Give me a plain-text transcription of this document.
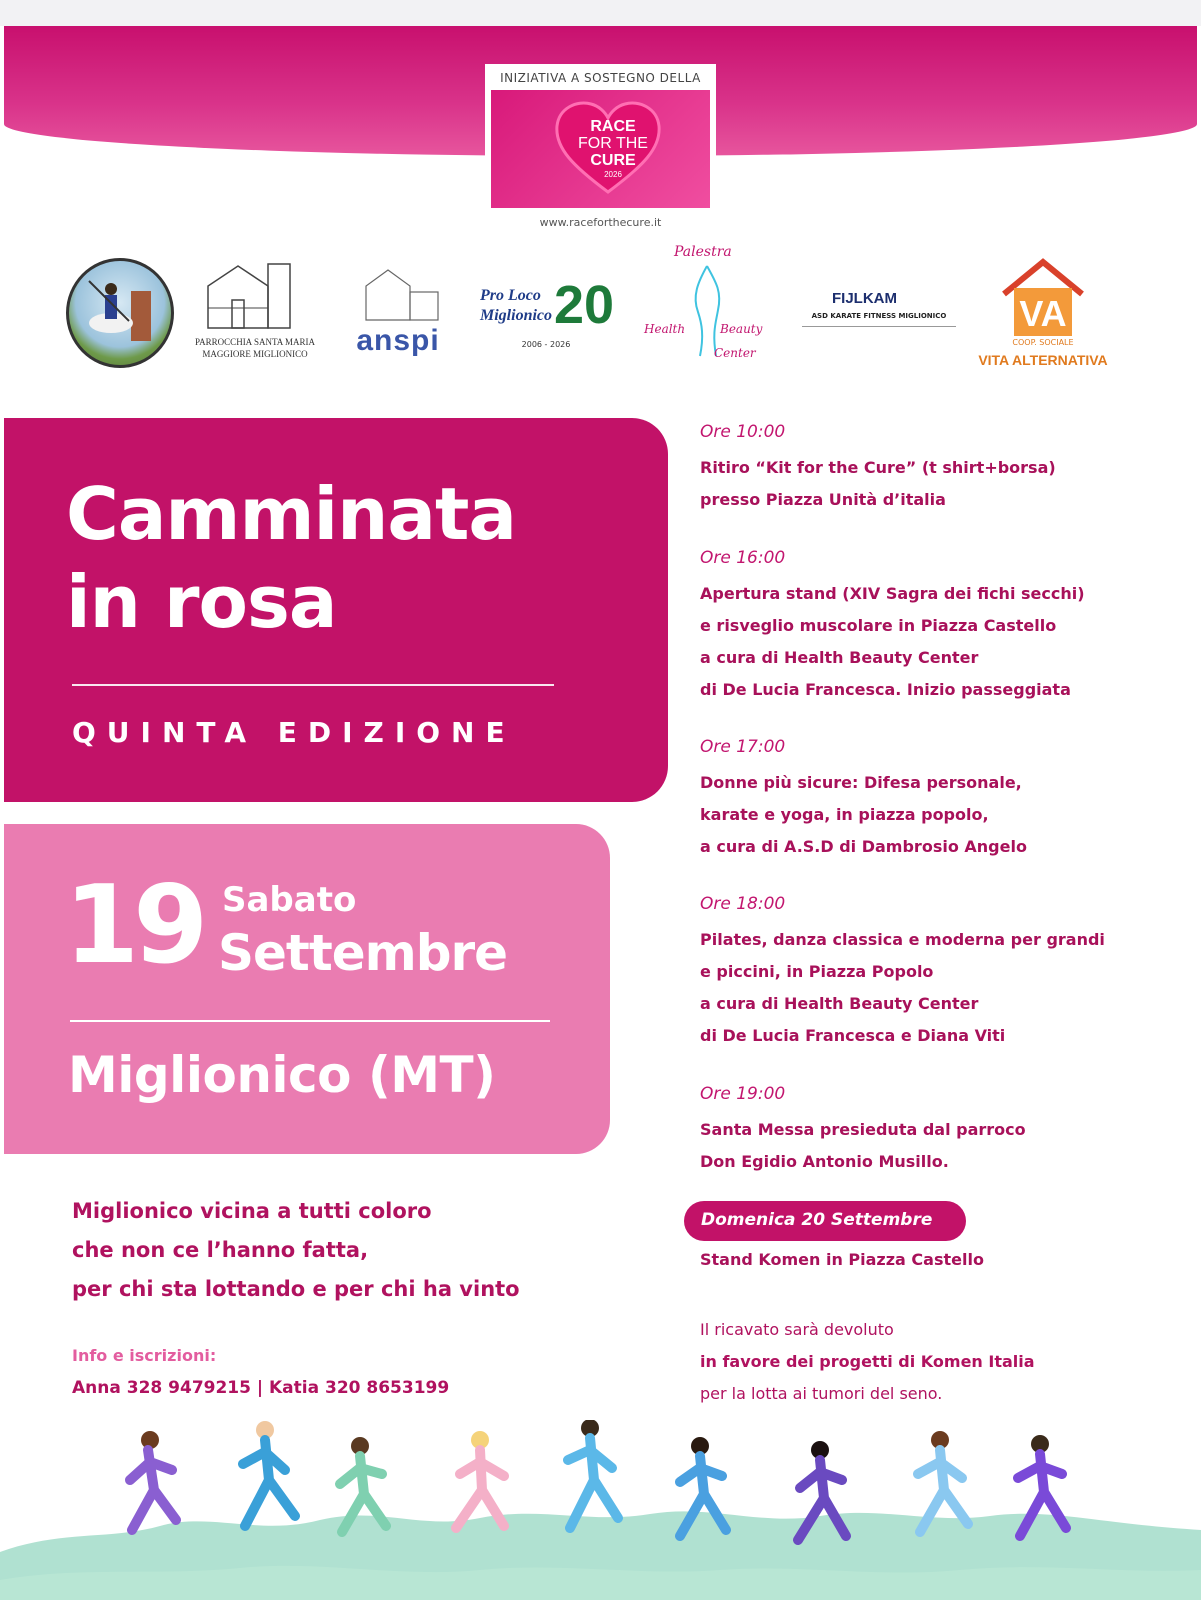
INIZIATIVA A SOSTEGNO DELLA
RACE
FOR THE
CURE
2026
www.raceforthecure.it
PARROCCHIA SANTA MARIA MAGGIORE MIGLIONICO	anspi
Pro Loco
Miglionico 20
2006 - 2026
Palestra
Health	Beauty
Center
FIJLKAM
ASD KARATE FITNESS MIGLIONICO	VA
COOP. SOCIALE
VITA ALTERNATIVA
Camminata
in rosa
QUINTA EDIZIONE
19 Sabato
Settembre
Miglionico (MT)
Miglionico vicina a tutti coloro
che non ce l’hanno fatta,
per chi sta lottando e per chi ha vinto
Info e iscrizioni:
Anna 328 9479215 | Katia 320 8653199
Ore 10:00
Ritiro “Kit for the Cure” (t shirt+borsa)
presso Piazza Unità d’italia
Ore 16:00
Apertura stand (XIV Sagra dei fichi secchi)
e risveglio muscolare in Piazza Castello
a cura di Health Beauty Center
di De Lucia Francesca. Inizio passeggiata
Ore 17:00
Donne più sicure: Difesa personale,
karate e yoga, in piazza popolo,
a cura di A.S.D di Dambrosio Angelo
Ore 18:00
Pilates, danza classica e moderna per grandi
e piccini, in Piazza Popolo
a cura di Health Beauty Center
di De Lucia Francesca e Diana Viti
Ore 19:00
Santa Messa presieduta dal parroco
Don Egidio Antonio Musillo.
Domenica 20 Settembre
Stand Komen in Piazza Castello
Il ricavato sarà devoluto
in favore dei progetti di Komen Italia
per la lotta ai tumori del seno.
